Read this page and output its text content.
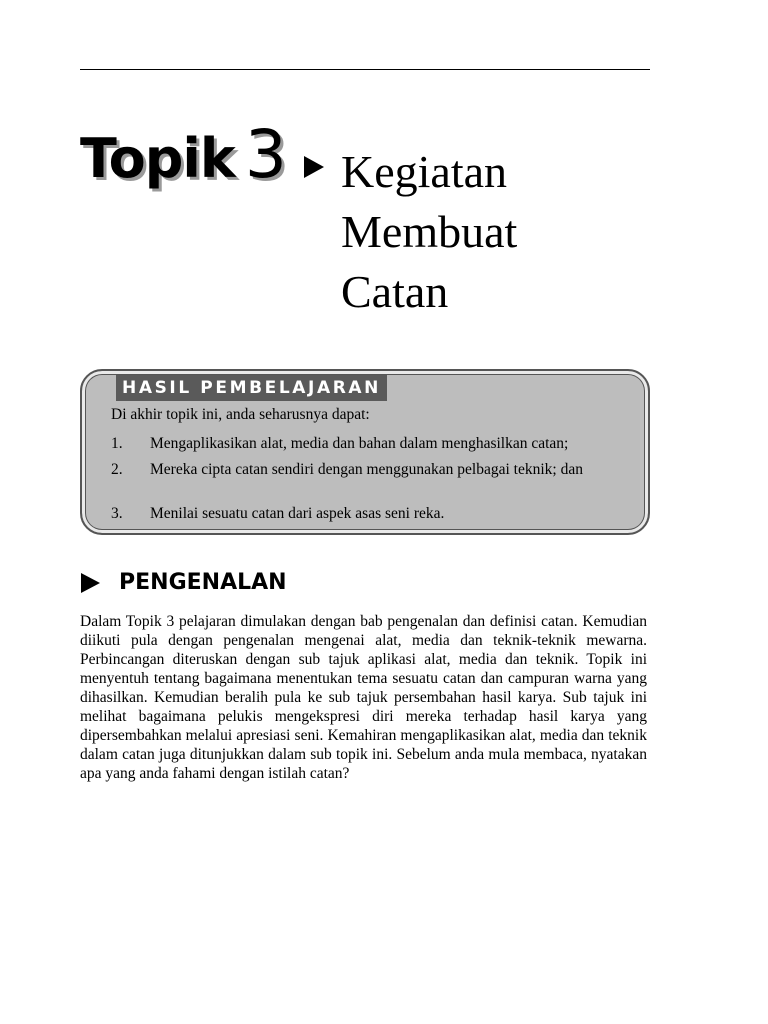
Topik 3 Kegiatan
Membuat
Catan
HASIL PEMBELAJARAN
Di akhir topik ini, anda seharusnya dapat:
1.	Mengaplikasikan alat, media dan bahan dalam menghasilkan catan;
2.	Mereka cipta catan sendiri dengan menggunakan pelbagai teknik; dan
3.	Menilai sesuatu catan dari aspek asas seni reka.
PENGENALAN

Dalam Topik 3 pelajaran dimulakan dengan bab pengenalan dan definisi catan. Kemudian diikuti pula dengan pengenalan mengenai alat, media dan teknik-teknik mewarna. Perbincangan diteruskan dengan sub tajuk aplikasi alat, media dan teknik. Topik ini menyentuh tentang bagaimana menentukan tema sesuatu catan dan campuran warna yang dihasilkan. Kemudian beralih pula ke sub tajuk persembahan hasil karya. Sub tajuk ini melihat bagaimana pelukis mengekspresi diri mereka terhadap hasil karya yang dipersembahkan melalui apresiasi seni. Kemahiran mengaplikasikan alat, media dan teknik dalam catan juga ditunjukkan dalam sub topik ini. Sebelum anda mula membaca, nyatakan apa yang anda fahami dengan istilah catan?
